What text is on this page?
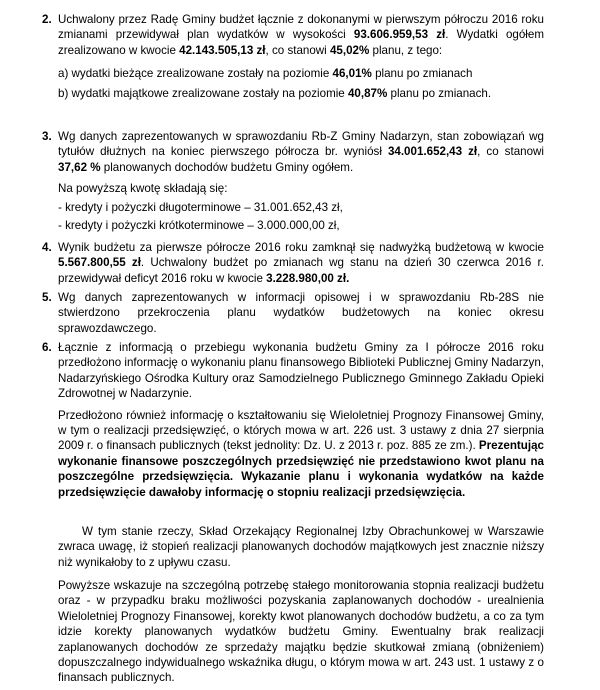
2. Uchwalony przez Radę Gminy budżet łącznie z dokonanymi w pierwszym półroczu 2016 roku zmianami przewidywał plan wydatków w wysokości 93.606.959,53 zł. Wydatki ogółem zrealizowano w kwocie 42.143.505,13 zł, co stanowi 45,02% planu, z tego:

a) wydatki bieżące zrealizowane zostały na poziomie 46,01% planu po zmianach

b) wydatki majątkowe zrealizowane zostały na poziomie 40,87% planu po zmianach.

3. Wg danych zaprezentowanych w sprawozdaniu Rb-Z Gminy Nadarzyn, stan zobowiązań wg tytułów dłużnych na koniec pierwszego półrocza br. wyniósł 34.001.652,43 zł, co stanowi 37,62 % planowanych dochodów budżetu Gminy ogółem.

Na powyższą kwotę składają się:

- kredyty i pożyczki długoterminowe – 31.001.652,43 zł,

- kredyty i pożyczki krótkoterminowe – 3.000.000,00 zł,

4. Wynik budżetu za pierwsze półrocze 2016 roku zamknął się nadwyżką budżetową w kwocie 5.567.800,55 zł. Uchwalony budżet po zmianach wg stanu na dzień 30 czerwca 2016 r. przewidywał deficyt 2016 roku w kwocie 3.228.980,00 zł.

5. Wg danych zaprezentowanych w informacji opisowej i w sprawozdaniu Rb-28S nie stwierdzono przekroczenia planu wydatków budżetowych na koniec okresu sprawozdawczego.

6. Łącznie z informacją o przebiegu wykonania budżetu Gminy za I półrocze 2016 roku przedłożono informację o wykonaniu planu finansowego Biblioteki Publicznej Gminy Nadarzyn, Nadarzyńskiego Ośrodka Kultury oraz Samodzielnego Publicznego Gminnego Zakładu Opieki Zdrowotnej w Nadarzynie.

Przedłożono również informację o kształtowaniu się Wieloletniej Prognozy Finansowej Gminy, w tym o realizacji przedsięwzięć, o których mowa w art. 226 ust. 3 ustawy z dnia 27 sierpnia 2009 r. o finansach publicznych (tekst jednolity: Dz. U. z 2013 r. poz. 885 ze zm.). Prezentując wykonanie finansowe poszczególnych przedsięwzięć nie przedstawiono kwot planu na poszczególne przedsięwzięcia. Wykazanie planu i wykonania wydatków na każde przedsięwzięcie dawałoby informację o stopniu realizacji przedsięwzięcia.

W tym stanie rzeczy, Skład Orzekający Regionalnej Izby Obrachunkowej w Warszawie zwraca uwagę, iż stopień realizacji planowanych dochodów majątkowych jest znacznie niższy niż wynikałoby to z upływu czasu.

Powyższe wskazuje na szczególną potrzebę stałego monitorowania stopnia realizacji budżetu oraz - w przypadku braku możliwości pozyskania zaplanowanych dochodów - urealnienia Wieloletniej Prognozy Finansowej, korekty kwot planowanych dochodów budżetu, a co za tym idzie korekty planowanych wydatków budżetu Gminy. Ewentualny brak realizacji zaplanowanych dochodów ze sprzedaży majątku będzie skutkował zmianą (obniżeniem) dopuszczalnego indywidualnego wskaźnika długu, o którym mowa w art. 243 ust. 1 ustawy z o finansach publicznych.
